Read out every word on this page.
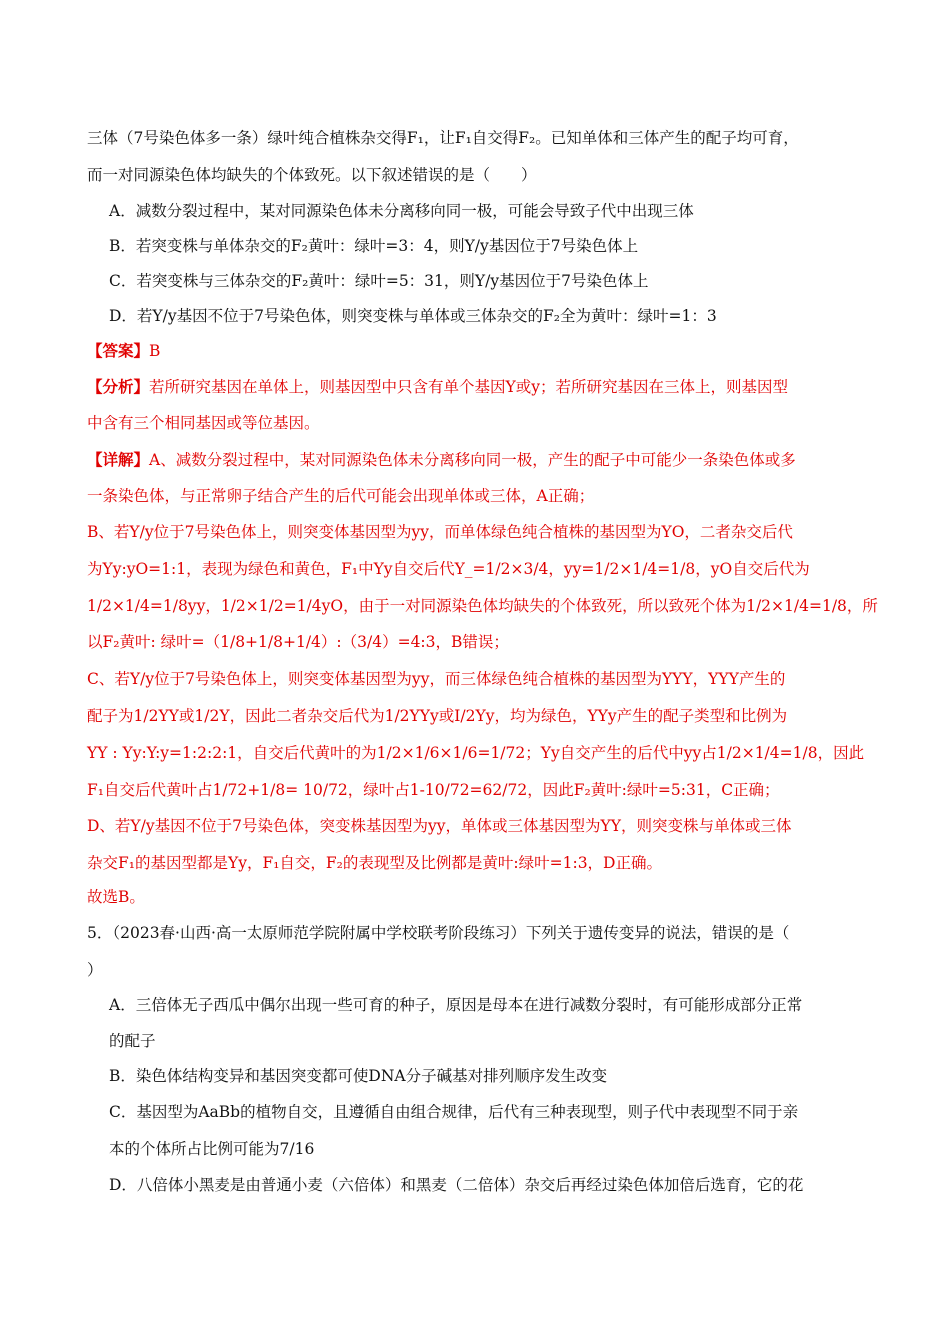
三体（7号染色体多一条）绿叶纯合植株杂交得F₁，让F₁自交得F₂。已知单体和三体产生的配子均可育，
而一对同源染色体均缺失的个体致死。以下叙述错误的是（　　）
A．减数分裂过程中，某对同源染色体未分离移向同一极，可能会导致子代中出现三体
B．若突变株与单体杂交的F₂黄叶：绿叶=3：4，则Y/y基因位于7号染色体上
C．若突变株与三体杂交的F₂黄叶：绿叶=5：31，则Y/y基因位于7号染色体上
D．若Y/y基因不位于7号染色体，则突变株与单体或三体杂交的F₂全为黄叶：绿叶=1：3
【答案】B
【分析】若所研究基因在单体上，则基因型中只含有单个基因Y或y；若所研究基因在三体上，则基因型
中含有三个相同基因或等位基因。
【详解】A、减数分裂过程中，某对同源染色体未分离移向同一极，产生的配子中可能少一条染色体或多
一条染色体，与正常卵子结合产生的后代可能会出现单体或三体，A正确；
B、若Y/y位于7号染色体上，则突变体基因型为yy，而单体绿色纯合植株的基因型为YO，二者杂交后代
为Yy:yO=1:1，表现为绿色和黄色，F₁中Yy自交后代Y_=1/2×3/4，yy=1/2×1/4=1/8，yO自交后代为
1/2×1/4=1/8yy，1/2×1/2=1/4yO，由于一对同源染色体均缺失的个体致死，所以致死个体为1/2×1/4=1/8，所
以F₂黄叶: 绿叶=（1/8+1/8+1/4）:（3/4）=4:3，B错误；
C、若Y/y位于7号染色体上，则突变体基因型为yy，而三体绿色纯合植株的基因型为YYY，YYY产生的
配子为1/2YY或1/2Y，因此二者杂交后代为1/2YYy或I/2Yy，均为绿色，YYy产生的配子类型和比例为
YY : Yy:Y:y=1:2:2:1，自交后代黄叶的为1/2×1/6×1/6=1/72；Yy自交产生的后代中yy占1/2×1/4=1/8，因此
F₁自交后代黄叶占1/72+1/8= 10/72，绿叶占1-10/72=62/72，因此F₂黄叶:绿叶=5:31，C正确；
D、若Y/y基因不位于7号染色体，突变株基因型为yy，单体或三体基因型为YY，则突变株与单体或三体
杂交F₁的基因型都是Yy，F₁自交，F₂的表现型及比例都是黄叶:绿叶=1:3，D正确。
故选B。
5．（2023春·山西·高一太原师范学院附属中学校联考阶段练习）下列关于遗传变异的说法，错误的是（
）
A．三倍体无子西瓜中偶尔出现一些可育的种子，原因是母本在进行减数分裂时，有可能形成部分正常
的配子
B．染色体结构变异和基因突变都可使DNA分子碱基对排列顺序发生改变
C．基因型为AaBb的植物自交，且遵循自由组合规律，后代有三种表现型，则子代中表现型不同于亲
本的个体所占比例可能为7/16
D．八倍体小黑麦是由普通小麦（六倍体）和黑麦（二倍体）杂交后再经过染色体加倍后选育，它的花
